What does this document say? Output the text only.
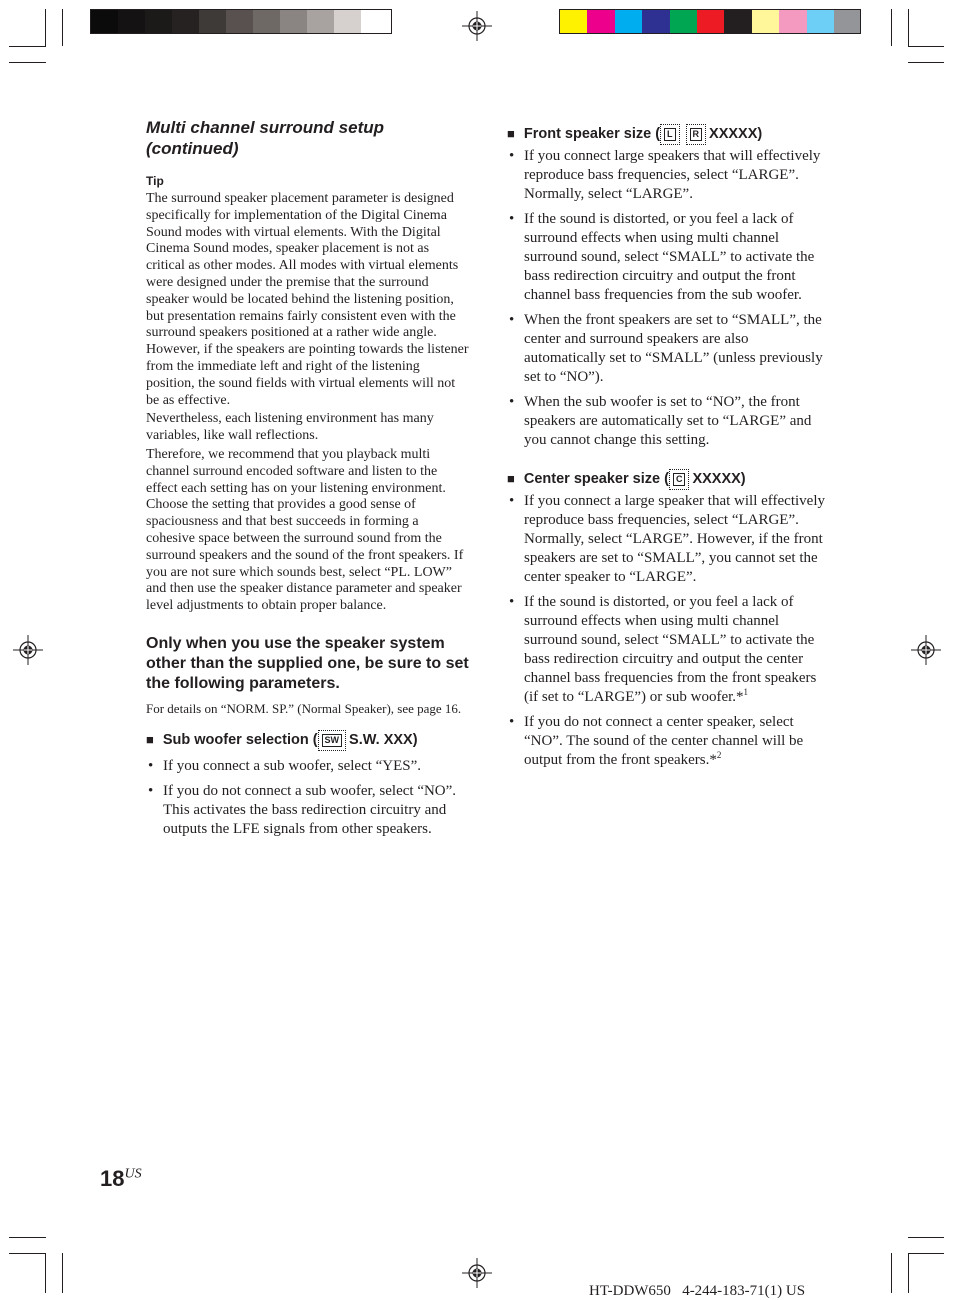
Multi channel surround setup
(continued)
Tip

The surround speaker placement parameter is designed specifically for implementation of the Digital Cinema Sound modes with virtual elements. With the Digital Cinema Sound modes, speaker placement is not as critical as other modes. All modes with virtual elements were designed under the premise that the surround speaker would be located behind the listening position, but presentation remains fairly consistent even with the surround speakers positioned at a rather wide angle. However, if the speakers are pointing towards the listener from the immediate left and right of the listening position, the sound fields with virtual elements will not be as effective.

Nevertheless, each listening environment has many variables, like wall reflections.

Therefore, we recommend that you playback multi channel surround encoded software and listen to the effect each setting has on your listening environment. Choose the setting that provides a good sense of spaciousness and that best succeeds in forming a cohesive space between the surround sound from the surround speakers and the sound of the front speakers. If you are not sure which sounds best, select “PL. LOW” and then use the speaker distance parameter and speaker level adjustments to obtain proper balance.

Only when you use the speaker system other than the supplied one, be sure to set the following parameters.
For details on “NORM. SP.” (Normal Speaker), see page 16.
■ Sub woofer selection ( SW S.W. XXX)
• If you connect a sub woofer, select “YES”.
• If you do not connect a sub woofer, select “NO”. This activates the bass redirection circuitry and outputs the LFE signals from other speakers.
■ Front speaker size ( L	R XXXXX)
• If you connect large speakers that will effectively reproduce bass frequencies, select “LARGE”. Normally, select “LARGE”.
• If the sound is distorted, or you feel a lack of surround effects when using multi channel surround sound, select “SMALL” to activate the bass redirection circuitry and output the front channel bass frequencies from the sub woofer.
• When the front speakers are set to “SMALL”, the center and surround speakers are also automatically set to “SMALL” (unless previously set to “NO”).
• When the sub woofer is set to “NO”, the front speakers are automatically set to “LARGE” and you cannot change this setting.
■ Center speaker size ( C XXXXX)
• If you connect a large speaker that will effectively reproduce bass frequencies, select “LARGE”. Normally, select “LARGE”. However, if the front speakers are set to “SMALL”, you cannot set the center speaker to “LARGE”.
• If the sound is distorted, or you feel a lack of surround effects when using multi channel surround sound, select “SMALL” to activate the bass redirection circuitry and output the center channel bass frequencies from the front speakers (if set to “LARGE”) or sub woofer.*$^1$
• If you do not connect a center speaker, select “NO”. The sound of the center channel will be output from the front speakers.*$^2$
$18^{US}$
HT-DDW650 4-244-183-71(1) US
